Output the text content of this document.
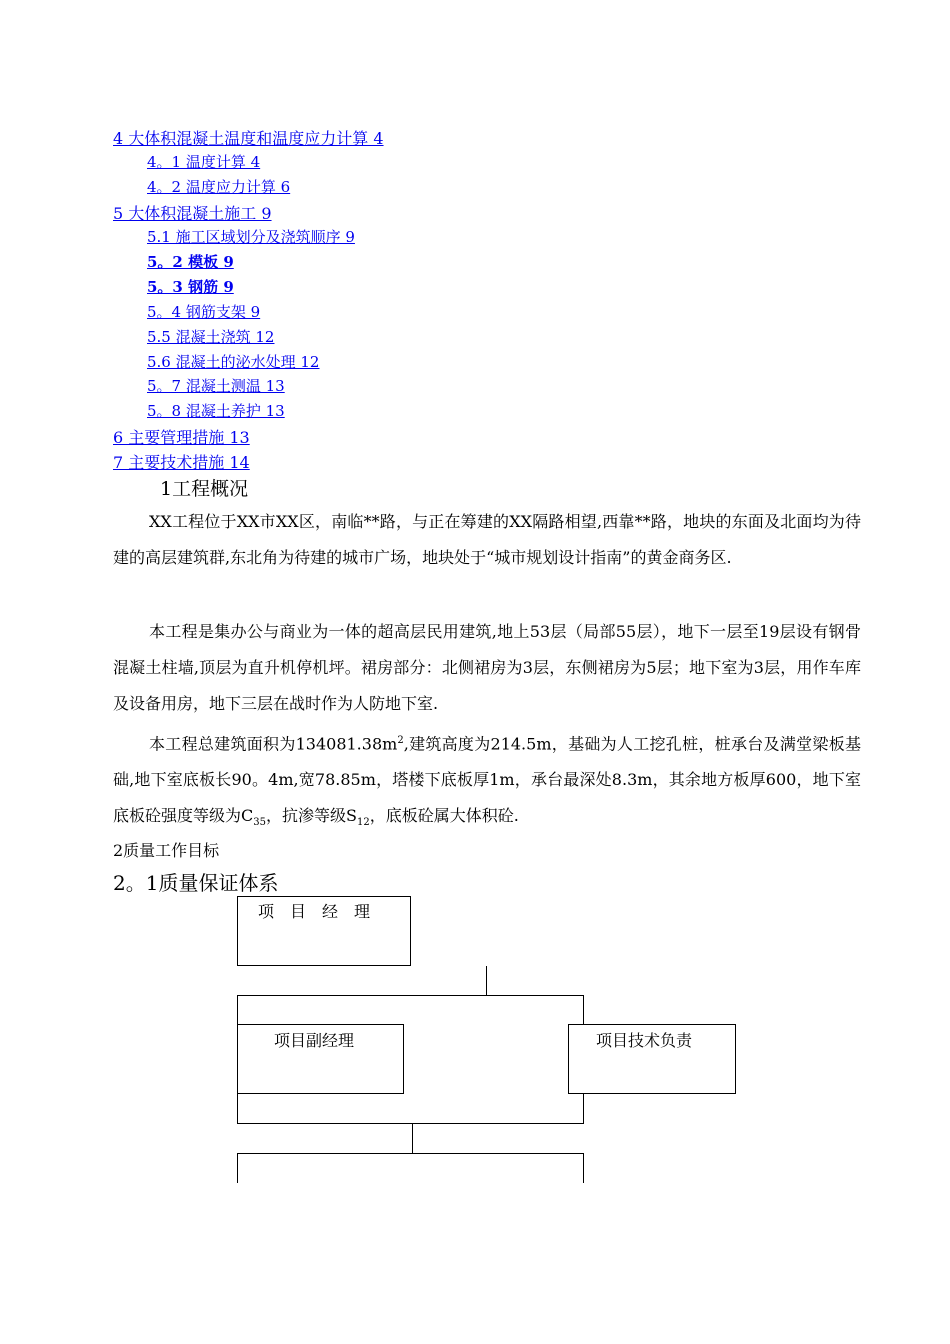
4 大体积混凝土温度和温度应力计算 4
4。1 温度计算 4
4。2 温度应力计算 6
5 大体积混凝土施工 9
5.1 施工区域划分及浇筑顺序 9
5。2 模板 9
5。3 钢筋 9
5。4 钢筋支架 9
5.5 混凝土浇筑 12
5.6 混凝土的泌水处理 12
5。7 混凝土测温 13
5。8 混凝土养护 13
6 主要管理措施 13
7 主要技术措施 14
1工程概况
XX工程位于XX市XX区，南临**路，与正在筹建的XX隔路相望,西靠**路，地块的东面及北面均为待建的高层建筑群,东北角为待建的城市广场，地块处于“城市规划设计指南”的黄金商务区.
本工程是集办公与商业为一体的超高层民用建筑,地上53层（局部55层），地下一层至19层设有钢骨混凝土柱墙,顶层为直升机停机坪。裙房部分：北侧裙房为3层，东侧裙房为5层；地下室为3层，用作车库及设备用房，地下三层在战时作为人防地下室.
本工程总建筑面积为$134081.38m^2$,建筑高度为214.5m，基础为人工挖孔桩，桩承台及满堂梁板基础,地下室底板长90。4m,宽78.85m，塔楼下底板厚1m，承台最深处8.3m，其余地方板厚600，地下室底板砼强度等级为$C_{35}$，抗渗等级$S_{12}$，底板砼属大体积砼.
2质量工作目标
2。1质量保证体系
项　目　经　理
项目副经理	项目技术负责
